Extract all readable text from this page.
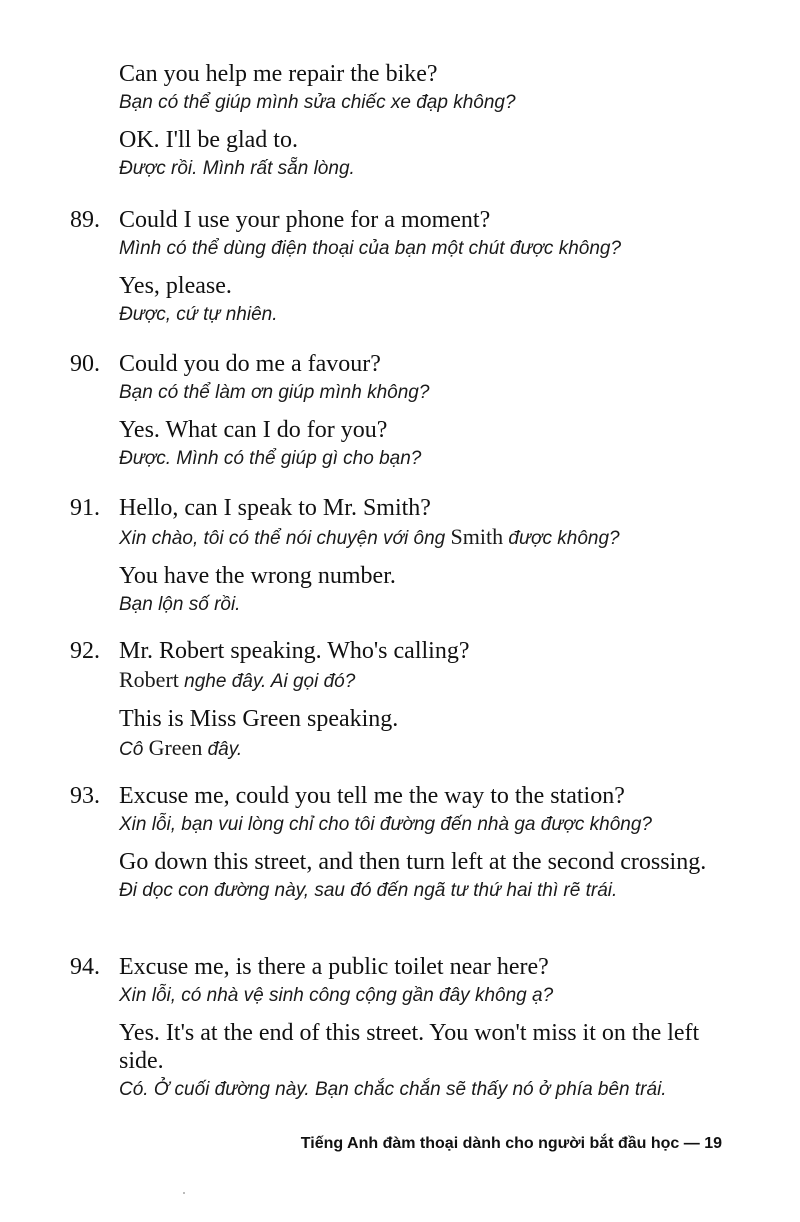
Can you help me repair the bike?

Bạn có thể giúp mình sửa chiếc xe đạp không?

OK. I'll be glad to.

Được rồi. Mình rất sẵn lòng.

89. Could I use your phone for a moment?

Mình có thể dùng điện thoại của bạn một chút được không?

Yes, please.

Được, cứ tự nhiên.

90. Could you do me a favour?

Bạn có thể làm ơn giúp mình không?

Yes. What can I do for you?

Được. Mình có thể giúp gì cho bạn?

91. Hello, can I speak to Mr. Smith?

Xin chào, tôi có thể nói chuyện với ông Smith được không?

You have the wrong number.

Bạn lộn số rồi.

92. Mr. Robert speaking. Who's calling?

Robert nghe đây. Ai gọi đó?

This is Miss Green speaking.

Cô Green đây.

93. Excuse me, could you tell me the way to the station?

Xin lỗi, bạn vui lòng chỉ cho tôi đường đến nhà ga được không?

Go down this street, and then turn left at the second crossing.

Đi dọc con đường này, sau đó đến ngã tư thứ hai thì rẽ trái.

94. Excuse me, is there a public toilet near here?

Xin lỗi, có nhà vệ sinh công cộng gần đây không ạ?

Yes. It's at the end of this street. You won't miss it on the left side.

Có. Ở cuối đường này. Bạn chắc chắn sẽ thấy nó ở phía bên trái.

Tiếng Anh đàm thoại dành cho người bắt đầu học — 19
